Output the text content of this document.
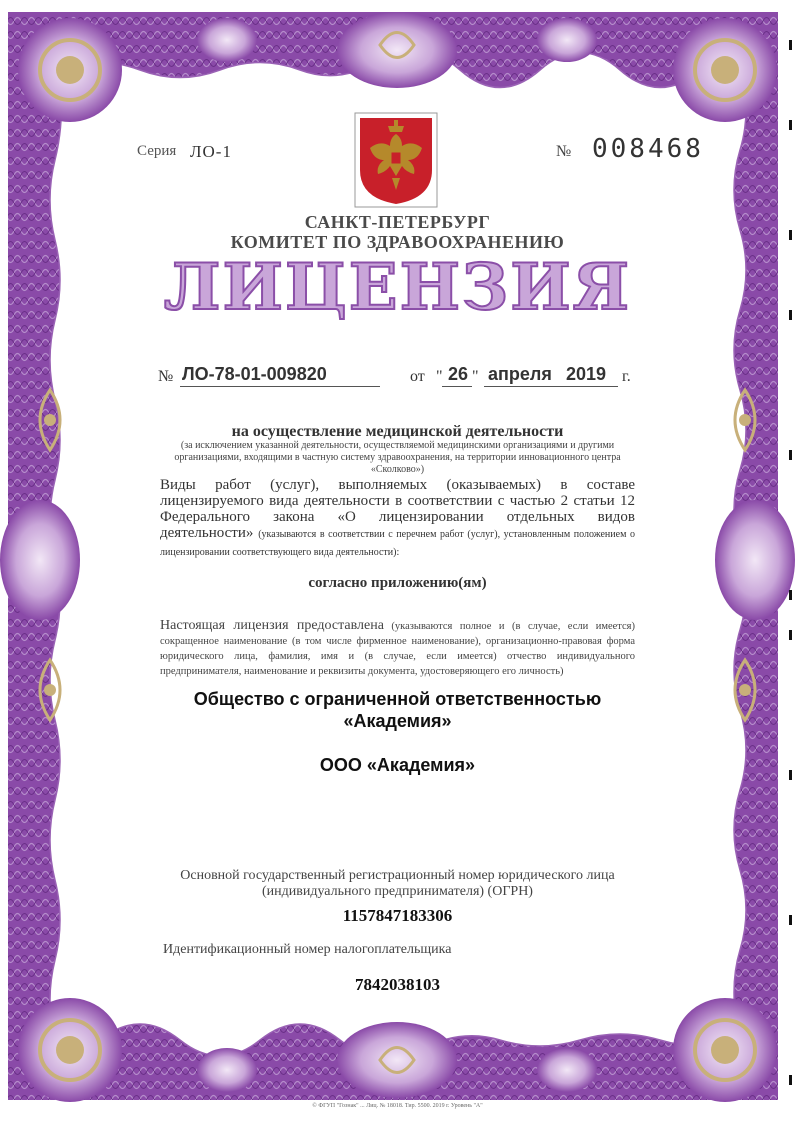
Серия ЛО-1	№ 008468
САНКТ-ПЕТЕРБУРГ
КОМИТЕТ ПО ЗДРАВООХРАНЕНИЮ
ЛИЦЕНЗИЯ
№ ЛО-78-01-009820	от " 26 " апреля 2019 г.
на осуществление медицинской деятельности
(за исключением указанной деятельности, осуществляемой медицинскими организациями и другими организациями, входящими в частную систему здравоохранения, на территории инновационного центра «Сколково»)
Виды работ (услуг), выполняемых (оказываемых) в составе лицензируемого вида деятельности в соответствии с частью 2 статьи 12 Федерального закона «О лицензировании отдельных видов деятельности» (указываются в соответствии с перечнем работ (услуг), установленным положением о лицензировании соответствующего вида деятельности):
согласно приложению(ям)
Настоящая лицензия предоставлена (указываются полное и (в случае, если имеется) сокращенное наименование (в том числе фирменное наименование), организационно-правовая форма юридического лица, фамилия, имя и (в случае, если имеется) отчество индивидуального предпринимателя, наименование и реквизиты документа, удостоверяющего его личность)
Общество с ограниченной ответственностью
«Академия»
ООО «Академия»
Основной государственный регистрационный номер юридического лица (индивидуального предпринимателя) (ОГРН)
1157847183306
Идентификационный номер налогоплательщика
7842038103
© ФГУП "Гознак" ... Лиц. № 18018. Тир. 5500. 2019 г. Уровень "А"
